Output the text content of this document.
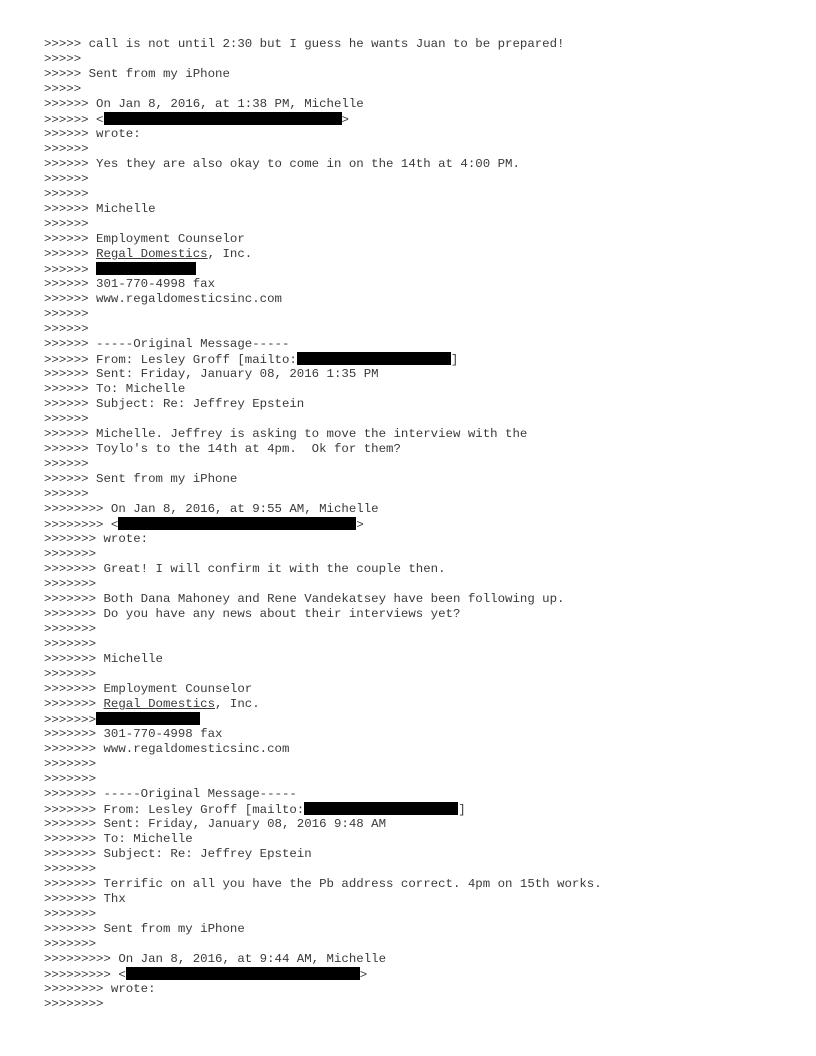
>>>>> call is not until 2:30 but I guess he wants Juan to be prepared!
>>>>>
>>>>> Sent from my iPhone
>>>>>
>>>>>> On Jan 8, 2016, at 1:38 PM, Michelle
>>>>>> <	>
>>>>>> wrote:
>>>>>>
>>>>>> Yes they are also okay to come in on the 14th at 4:00 PM.
>>>>>>
>>>>>>
>>>>>> Michelle
>>>>>>
>>>>>> Employment Counselor
>>>>>> Regal Domestics, Inc.
>>>>>>
>>>>>> 301-770-4998 fax
>>>>>> www.regaldomesticsinc.com
>>>>>>
>>>>>>
>>>>>> -----Original Message-----
>>>>>> From: Lesley Groff [mailto:	]
>>>>>> Sent: Friday, January 08, 2016 1:35 PM
>>>>>> To: Michelle
>>>>>> Subject: Re: Jeffrey Epstein
>>>>>>
>>>>>> Michelle. Jeffrey is asking to move the interview with the
>>>>>> Toylo's to the 14th at 4pm.  Ok for them?
>>>>>>
>>>>>> Sent from my iPhone
>>>>>>
>>>>>>>> On Jan 8, 2016, at 9:55 AM, Michelle
>>>>>>>> <	>
>>>>>>> wrote:
>>>>>>>
>>>>>>> Great! I will confirm it with the couple then.
>>>>>>>
>>>>>>> Both Dana Mahoney and Rene Vandekatsey have been following up.
>>>>>>> Do you have any news about their interviews yet?
>>>>>>>
>>>>>>>
>>>>>>> Michelle
>>>>>>>
>>>>>>> Employment Counselor
>>>>>>> Regal Domestics, Inc.
>>>>>>>
>>>>>>> 301-770-4998 fax
>>>>>>> www.regaldomesticsinc.com
>>>>>>>
>>>>>>>
>>>>>>> -----Original Message-----
>>>>>>> From: Lesley Groff [mailto:	]
>>>>>>> Sent: Friday, January 08, 2016 9:48 AM
>>>>>>> To: Michelle
>>>>>>> Subject: Re: Jeffrey Epstein
>>>>>>>
>>>>>>> Terrific on all you have the Pb address correct. 4pm on 15th works.
>>>>>>> Thx
>>>>>>>
>>>>>>> Sent from my iPhone
>>>>>>>
>>>>>>>>> On Jan 8, 2016, at 9:44 AM, Michelle
>>>>>>>>> <	>
>>>>>>>> wrote:
>>>>>>>>
